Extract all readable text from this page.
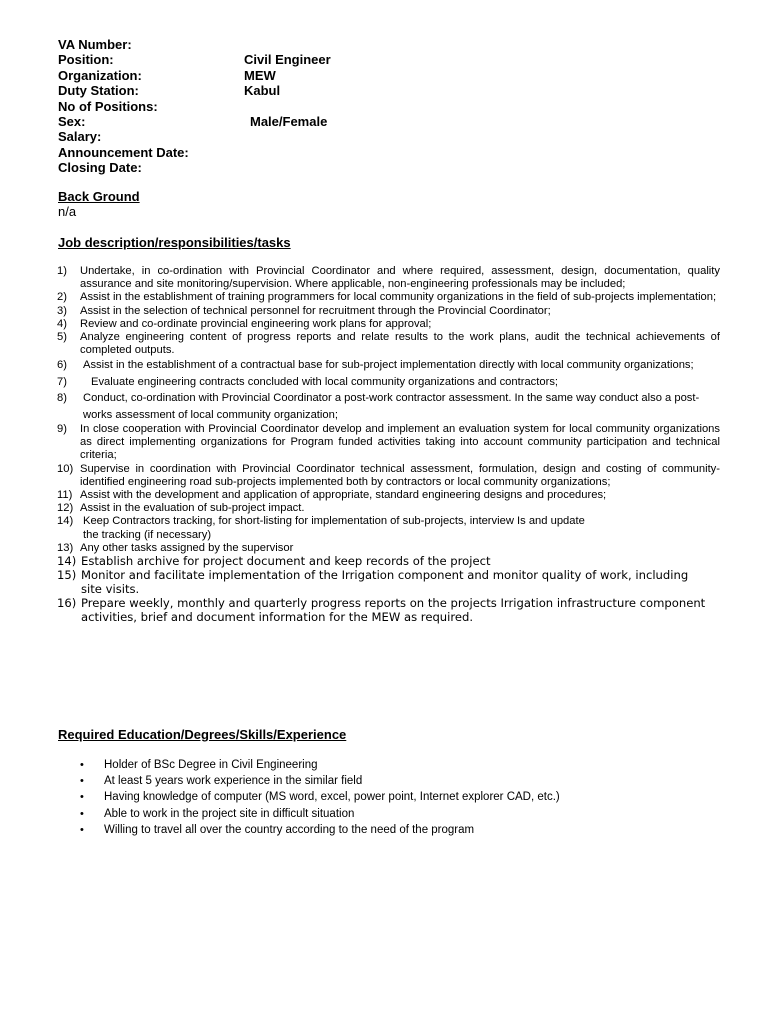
VA Number:
Position:	Civil Engineer
Organization:	MEW
Duty Station:	Kabul
No of Positions:
Sex:	Male/Female
Salary:
Announcement Date:
Closing Date:
Back Ground
n/a
Job description/responsibilities/tasks
1) Undertake, in co-ordination with Provincial Coordinator and where required, assessment, design, documentation, quality assurance and site monitoring/supervision. Where applicable, non-engineering professionals may be included;
2) Assist in the establishment of training programmers for local community organizations in the field of sub-projects implementation;
3) Assist in the selection of technical personnel for recruitment through the Provincial Coordinator;
4) Review and co-ordinate provincial engineering work plans for approval;
5) Analyze engineering content of progress reports and relate results to the work plans, audit the technical achievements of completed outputs.
6) Assist in the establishment of a contractual base for sub-project implementation directly with local community organizations;
7) Evaluate engineering contracts concluded with local community organizations and contractors;
8) Conduct, co-ordination with Provincial Coordinator a post-work contractor assessment. In the same way conduct also a post-works assessment of local community organization;
9) In close cooperation with Provincial Coordinator develop and implement an evaluation system for local community organizations as direct implementing organizations for Program funded activities taking into account community participation and technical criteria;
10) Supervise in coordination with Provincial Coordinator technical assessment, formulation, design and costing of community-identified engineering road sub-projects implemented both by contractors or local community organizations;
11) Assist with the development and application of appropriate, standard engineering designs and procedures;
12) Assist in the evaluation of sub-project impact.
14) Keep Contractors tracking, for short-listing for implementation of sub-projects, interview Is and update the tracking (if necessary)
13) Any other tasks assigned by the supervisor
14) Establish archive for project document and keep records of the project
15) Monitor and facilitate implementation of the Irrigation component and monitor quality of work, including site visits.
16) Prepare weekly, monthly and quarterly progress reports on the projects Irrigation infrastructure component activities, brief and document information for the MEW as required.
Required Education/Degrees/Skills/Experience
• Holder of BSc Degree in Civil Engineering
• At least 5 years work experience in the similar field
• Having knowledge of computer (MS word, excel, power point, Internet explorer CAD, etc.)
• Able to work in the project site in difficult situation
• Willing to travel all over the country according to the need of the program
